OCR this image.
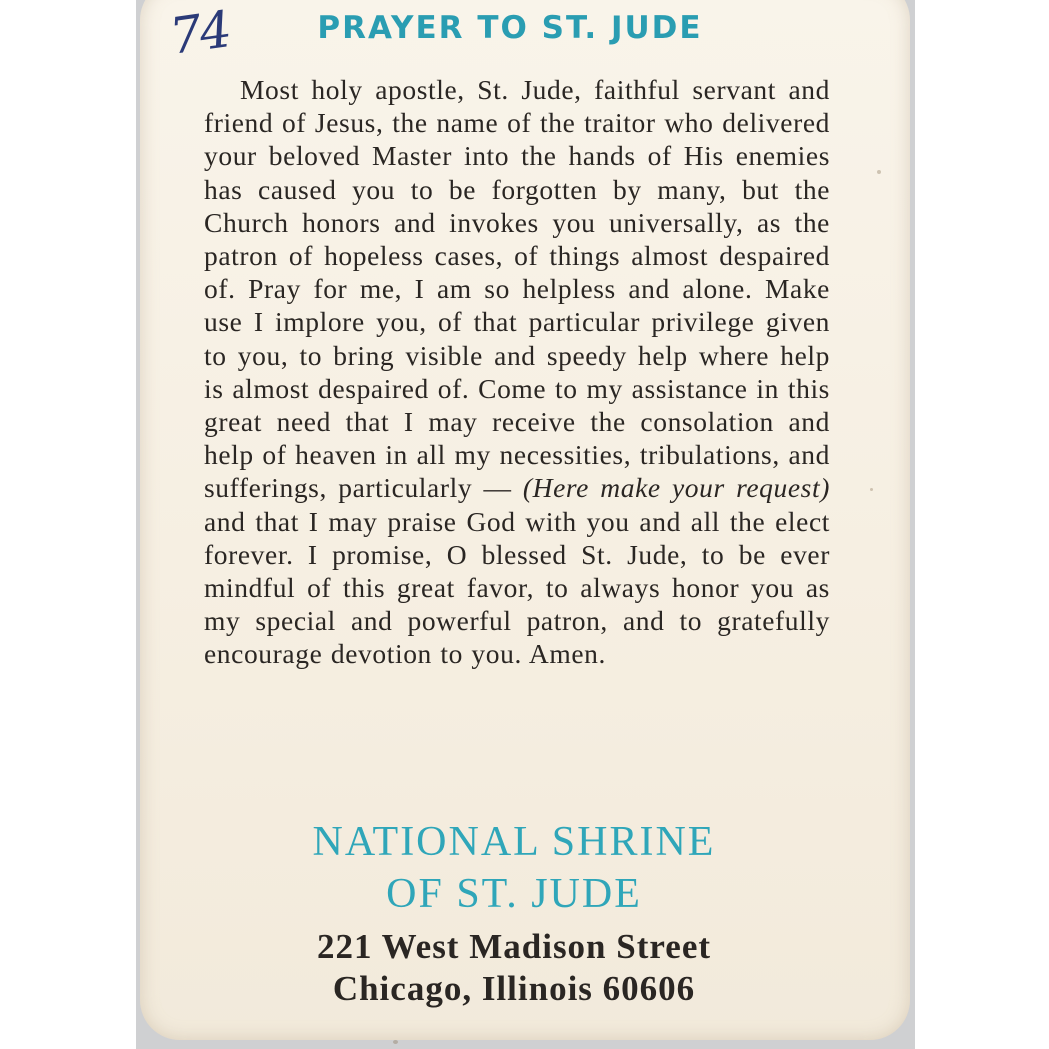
74	PRAYER TO ST. JUDE

Most holy apostle, St. Jude, faithful servant and friend of Jesus, the name of the traitor who delivered your beloved Master into the hands of His enemies has caused you to be forgotten by many, but the Church honors and invokes you universally, as the patron of hopeless cases, of things almost despaired of. Pray for me, I am so helpless and alone. Make use I implore you, of that particular privilege given to you, to bring visible and speedy help where help is almost despaired of. Come to my assistance in this great need that I may receive the consolation and help of heaven in all my necessities, tribulations, and sufferings, particularly — (Here make your request) and that I may praise God with you and all the elect forever. I promise, O blessed St. Jude, to be ever mindful of this great favor, to always honor you as my special and powerful patron, and to gratefully encourage devotion to you. Amen.

NATIONAL SHRINE
OF ST. JUDE
221 West Madison Street
Chicago, Illinois 60606
